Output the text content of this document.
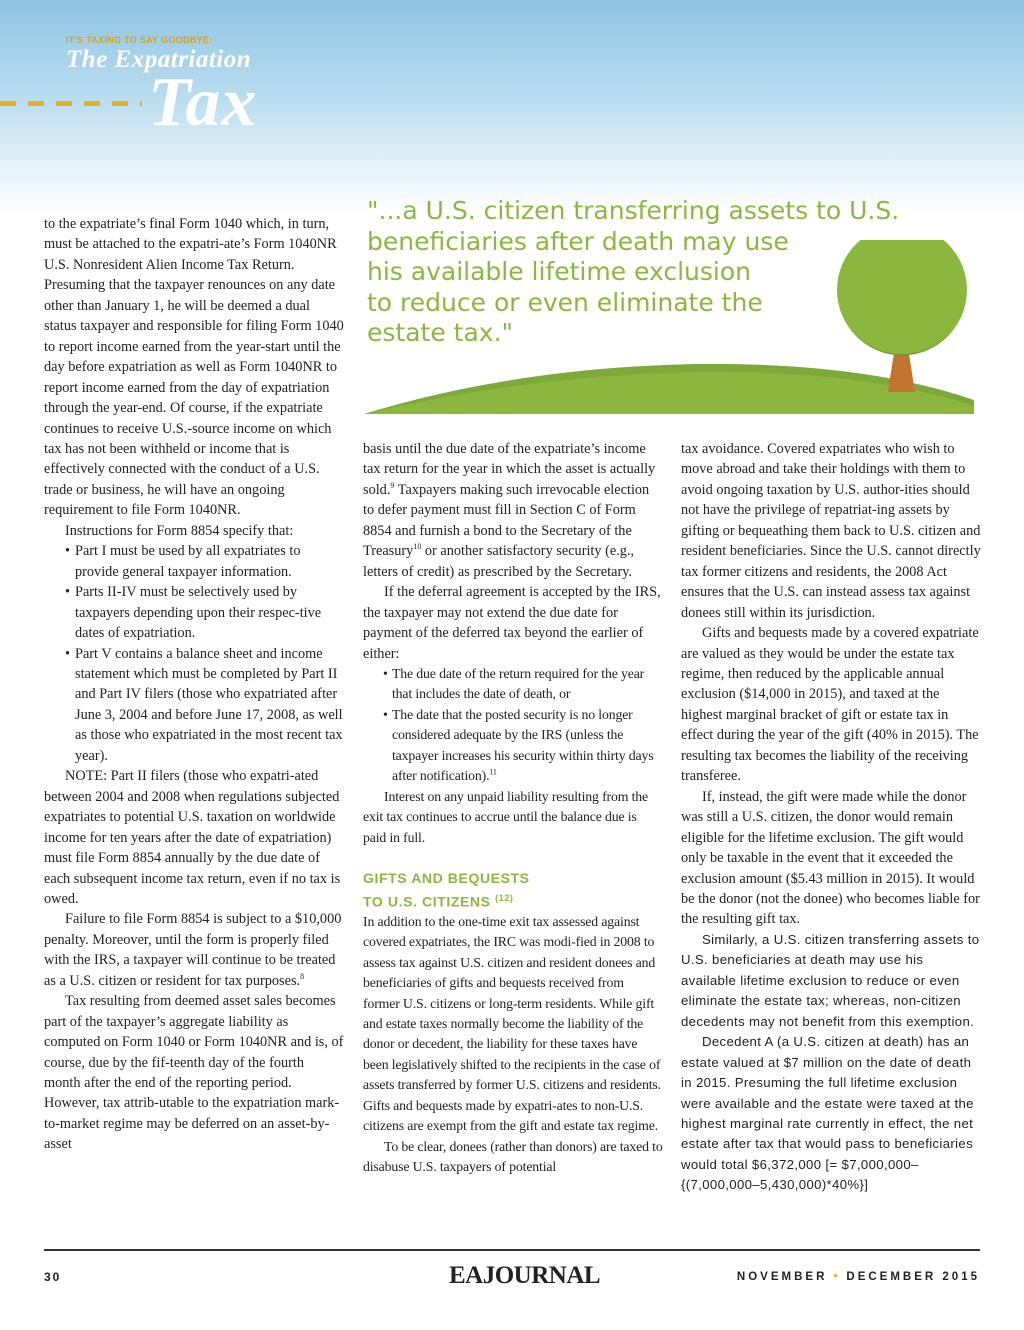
IT'S TAXING TO SAY GOODBYE:
The Expatriation
Tax
"...a U.S. citizen transferring assets to U.S.
beneficiaries after death may use
his available lifetime exclusion
to reduce or even eliminate the
estate tax."

to the expatriate’s final Form 1040 which, in turn, must be attached to the expatri-ate’s Form 1040NR U.S. Nonresident Alien Income Tax Return. Presuming that the taxpayer renounces on any date other than January 1, he will be deemed a dual status taxpayer and responsible for filing Form 1040 to report income earned from the year-start until the day before expatriation as well as Form 1040NR to report income earned from the day of expatriation through the year-end. Of course, if the expatriate continues to receive U.S.-source income on which tax has not been withheld or income that is effectively connected with the conduct of a U.S. trade or business, he will have an ongoing requirement to file Form 1040NR.

Instructions for Form 8854 specify that:

• Part I must be used by all expatriates to provide general taxpayer information.
• Parts II-IV must be selectively used by taxpayers depending upon their respec-tive dates of expatriation.
• Part V contains a balance sheet and income statement which must be completed by Part II and Part IV filers (those who expatriated after June 3, 2004 and before June 17, 2008, as well as those who expatriated in the most recent tax year).

NOTE: Part II filers (those who expatri-ated between 2004 and 2008 when regulations subjected expatriates to potential U.S. taxation on worldwide income for ten years after the date of expatriation) must file Form 8854 annually by the due date of each subsequent income tax return, even if no tax is owed.

Failure to file Form 8854 is subject to a $10,000 penalty. Moreover, until the form is properly filed with the IRS, a taxpayer will continue to be treated as a U.S. citizen or resident for tax purposes.$^8$

Tax resulting from deemed asset sales becomes part of the taxpayer’s aggregate liability as computed on Form 1040 or Form 1040NR and is, of course, due by the fif-teenth day of the fourth month after the end of the reporting period. However, tax attrib-utable to the expatriation mark-to-market regime may be deferred on an asset-by-asset

basis until the due date of the expatriate’s income tax return for the year in which the asset is actually sold.$^9$ Taxpayers making such irrevocable election to defer payment must fill in Section C of Form 8854 and furnish a bond to the Secretary of the Treasury$^{10}$ or another satisfactory security (e.g., letters of credit) as prescribed by the Secretary.

If the deferral agreement is accepted by the IRS, the taxpayer may not extend the due date for payment of the deferred tax beyond the earlier of either:

• The due date of the return required for the year that includes the date of death, or
• The date that the posted security is no longer considered adequate by the IRS (unless the taxpayer increases his security within thirty days after notification).$^{11}$

Interest on any unpaid liability resulting from the exit tax continues to accrue until the balance due is paid in full.

GIFTS AND BEQUESTS
TO U.S. CITIZENS $^{(12)}$

In addition to the one-time exit tax assessed against covered expatriates, the IRC was modi-fied in 2008 to assess tax against U.S. citizen and resident donees and beneficiaries of gifts and bequests received from former U.S. citizens or long-term residents. While gift and estate taxes normally become the liability of the donor or decedent, the liability for these taxes have been legislatively shifted to the recipients in the case of assets transferred by former U.S. citizens and residents. Gifts and bequests made by expatri-ates to non-U.S. citizens are exempt from the gift and estate tax regime.

To be clear, donees (rather than donors) are taxed to disabuse U.S. taxpayers of potential

tax avoidance. Covered expatriates who wish to move abroad and take their holdings with them to avoid ongoing taxation by U.S. author-ities should not have the privilege of repatriat-ing assets by gifting or bequeathing them back to U.S. citizen and resident beneficiaries. Since the U.S. cannot directly tax former citizens and residents, the 2008 Act ensures that the U.S. can instead assess tax against donees still within its jurisdiction.

Gifts and bequests made by a covered expatriate are valued as they would be under the estate tax regime, then reduced by the applicable annual exclusion ($14,000 in 2015), and taxed at the highest marginal bracket of gift or estate tax in effect during the year of the gift (40% in 2015). The resulting tax becomes the liability of the receiving transferee.

If, instead, the gift were made while the donor was still a U.S. citizen, the donor would remain eligible for the lifetime exclusion. The gift would only be taxable in the event that it exceeded the exclusion amount ($5.43 million in 2015). It would be the donor (not the donee) who becomes liable for the resulting gift tax.

Similarly, a U.S. citizen transferring assets to U.S. beneficiaries at death may use his available lifetime exclusion to reduce or even eliminate the estate tax; whereas, non-citizen decedents may not benefit from this exemption.

Decedent A (a U.S. citizen at death) has an estate valued at $7 million on the date of death in 2015. Presuming the full lifetime exclusion were available and the estate were taxed at the highest marginal rate currently in effect, the net estate after tax that would pass to beneficiaries would total $6,372,000 [= $7,000,000–{(7,000,000–5,430,000)*40%}]

30	EAJOURNAL	NOVEMBER • DECEMBER 2015
